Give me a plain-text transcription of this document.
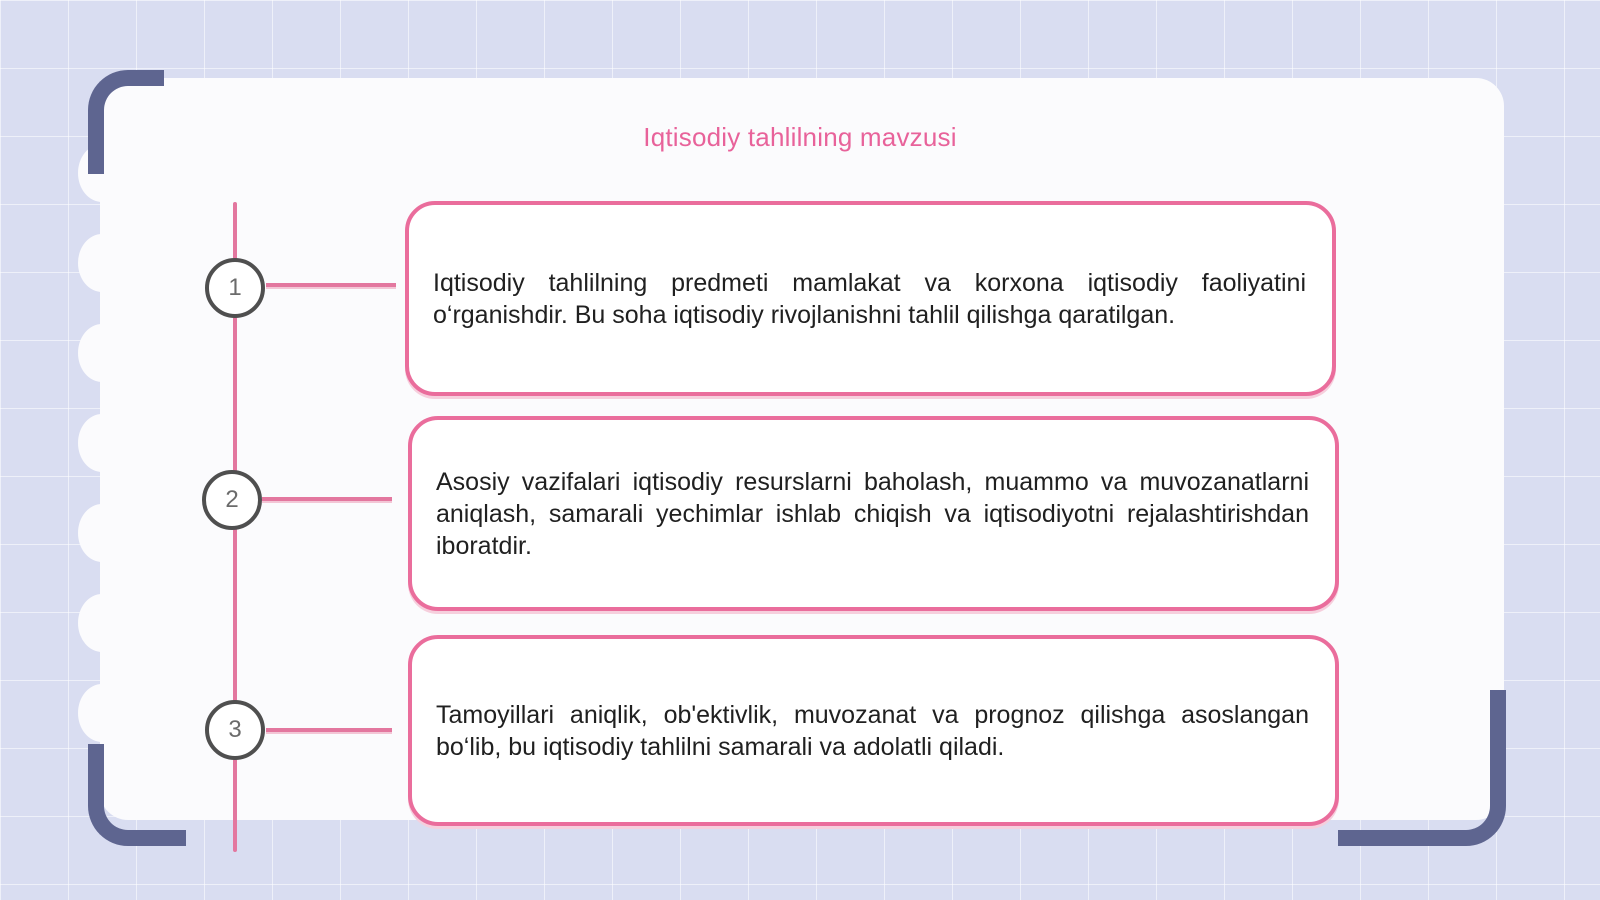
Iqtisodiy tahlilning mavzusi
1
2
3

Iqtisodiy tahlilning predmeti mamlakat va korxona iqtisodiy faoliyatini o‘rganishdir. Bu soha iqtisodiy rivojlanishni tahlil qilishga qaratilgan.

Asosiy vazifalari iqtisodiy resurslarni baholash, muammo va muvozanatlarni aniqlash, samarali yechimlar ishlab chiqish va iqtisodiyotni rejalashtirishdan iboratdir.

Tamoyillari aniqlik, ob'ektivlik, muvozanat va prognoz qilishga asoslangan bo‘lib, bu iqtisodiy tahlilni samarali va adolatli qiladi.
